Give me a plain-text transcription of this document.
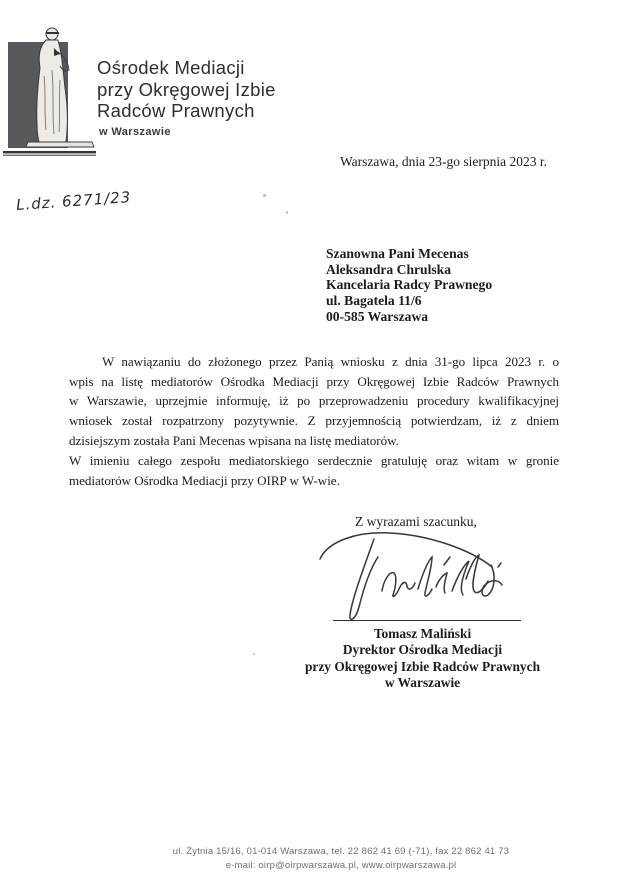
Ośrodek Mediacji
przy Okręgowej Izbie
Radców Prawnych
w Warszawie
Warszawa, dnia 23-go sierpnia 2023 r.
L.dz. 6271/23
Szanowna Pani Mecenas
Aleksandra Chrulska
Kancelaria Radcy Prawnego
ul. Bagatela 11/6
00-585 Warszawa
W nawiązaniu do złożonego przez Panią wniosku z dnia 31-go lipca 2023 r. o
wpis na listę mediatorów Ośrodka Mediacji przy Okręgowej Izbie Radców Prawnych
w Warszawie, uprzejmie informuję, iż po przeprowadzeniu procedury kwalifikacyjnej
wniosek został rozpatrzony pozytywnie. Z przyjemnością potwierdzam, iż z dniem
dzisiejszym została Pani Mecenas wpisana na listę mediatorów.
W imieniu całego zespołu mediatorskiego serdecznie gratuluję oraz witam w gronie
mediatorów Ośrodka Mediacji przy OIRP w W-wie.
Z wyrazami szacunku,
Tomasz Maliński
Dyrektor Ośrodka Mediacji
przy Okręgowej Izbie Radców Prawnych
w Warszawie
ul. Żytnia 15/16, 01-014 Warszawa, tel. 22 862 41 69 (-71), fax 22 862 41 73
e-mail: oirp@oirpwarszawa.pl, www.oirpwarszawa.pl
